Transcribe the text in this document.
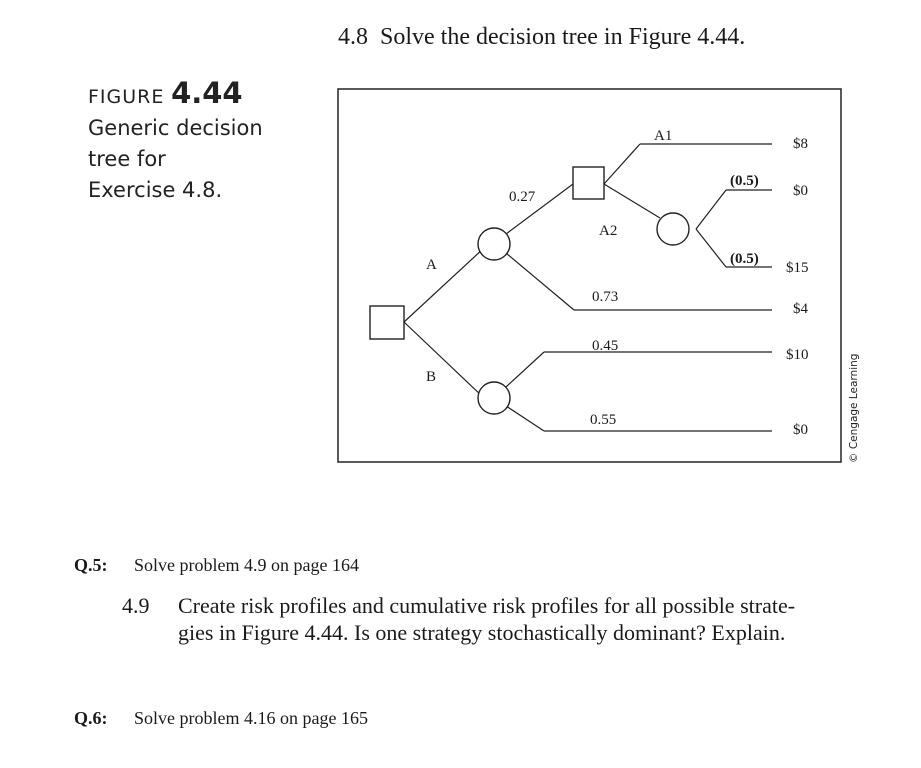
4.8 Solve the decision tree in Figure 4.44.
FIGURE 4.44
Generic decision
tree for
Exercise 4.8.
A
B
0.27
0.73
0.45
0.55
A1
A2
(0.5)
(0.5)
$8
$0
$15
$4
$10
$0	© Cengage Learning
Q.5: Solve problem 4.9 on page 164
4.9 Create risk profiles and cumulative risk profiles for all possible strate-
gies in Figure 4.44. Is one strategy stochastically dominant? Explain.
Q.6: Solve problem 4.16 on page 165
